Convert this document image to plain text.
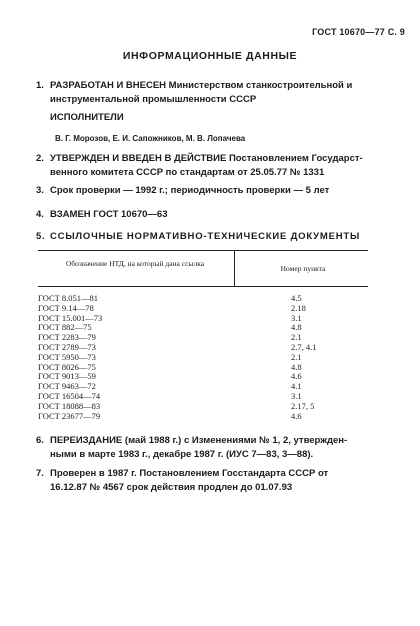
ГОСТ 10670—77 С. 9
ИНФОРМАЦИОННЫЕ ДАННЫЕ
1. РАЗРАБОТАН И ВНЕСЕН Министерством станкостроительной и
инструментальной промышленности СССР
ИСПОЛНИТЕЛИ
В. Г. Морозов, Е. И. Сапожников, М. В. Лопачева
2. УТВЕРЖДЕН И ВВЕДЕН В ДЕЙСТВИЕ Постановлением Государст-
венного комитета СССР по стандартам от 25.05.77 № 1331
3. Срок проверки — 1992 г.; периодичность проверки — 5 лет
4. ВЗАМЕН ГОСТ 10670—63
5. ССЫЛОЧНЫЕ НОРМАТИВНО-ТЕХНИЧЕСКИЕ ДОКУМЕНТЫ
Обозначение НТД, на который дана ссылка
Номер пункта
ГОСТ 8.051—81	4.5
ГОСТ 9.14—78	2.18
ГОСТ 15.001—73	3.1
ГОСТ 882—75	4.8
ГОСТ 2283—79	2.1
ГОСТ 2789—73	2.7, 4.1
ГОСТ 5950—73	2.1
ГОСТ 8026—75	4.8
ГОСТ 9013—59	4.6
ГОСТ 9463—72	4.1
ГОСТ 16504—74	3.1
ГОСТ 18088—83	2.17, 5
ГОСТ 23677—79	4.6
6. ПЕРЕИЗДАНИЕ (май 1988 г.) с Изменениями № 1, 2, утвержден-
ными в марте 1983 г., декабре 1987 г. (ИУС 7—83, 3—88).
7. Проверен в 1987 г. Постановлением Госстандарта СССР от
16.12.87 № 4567 срок действия продлен до 01.07.93
